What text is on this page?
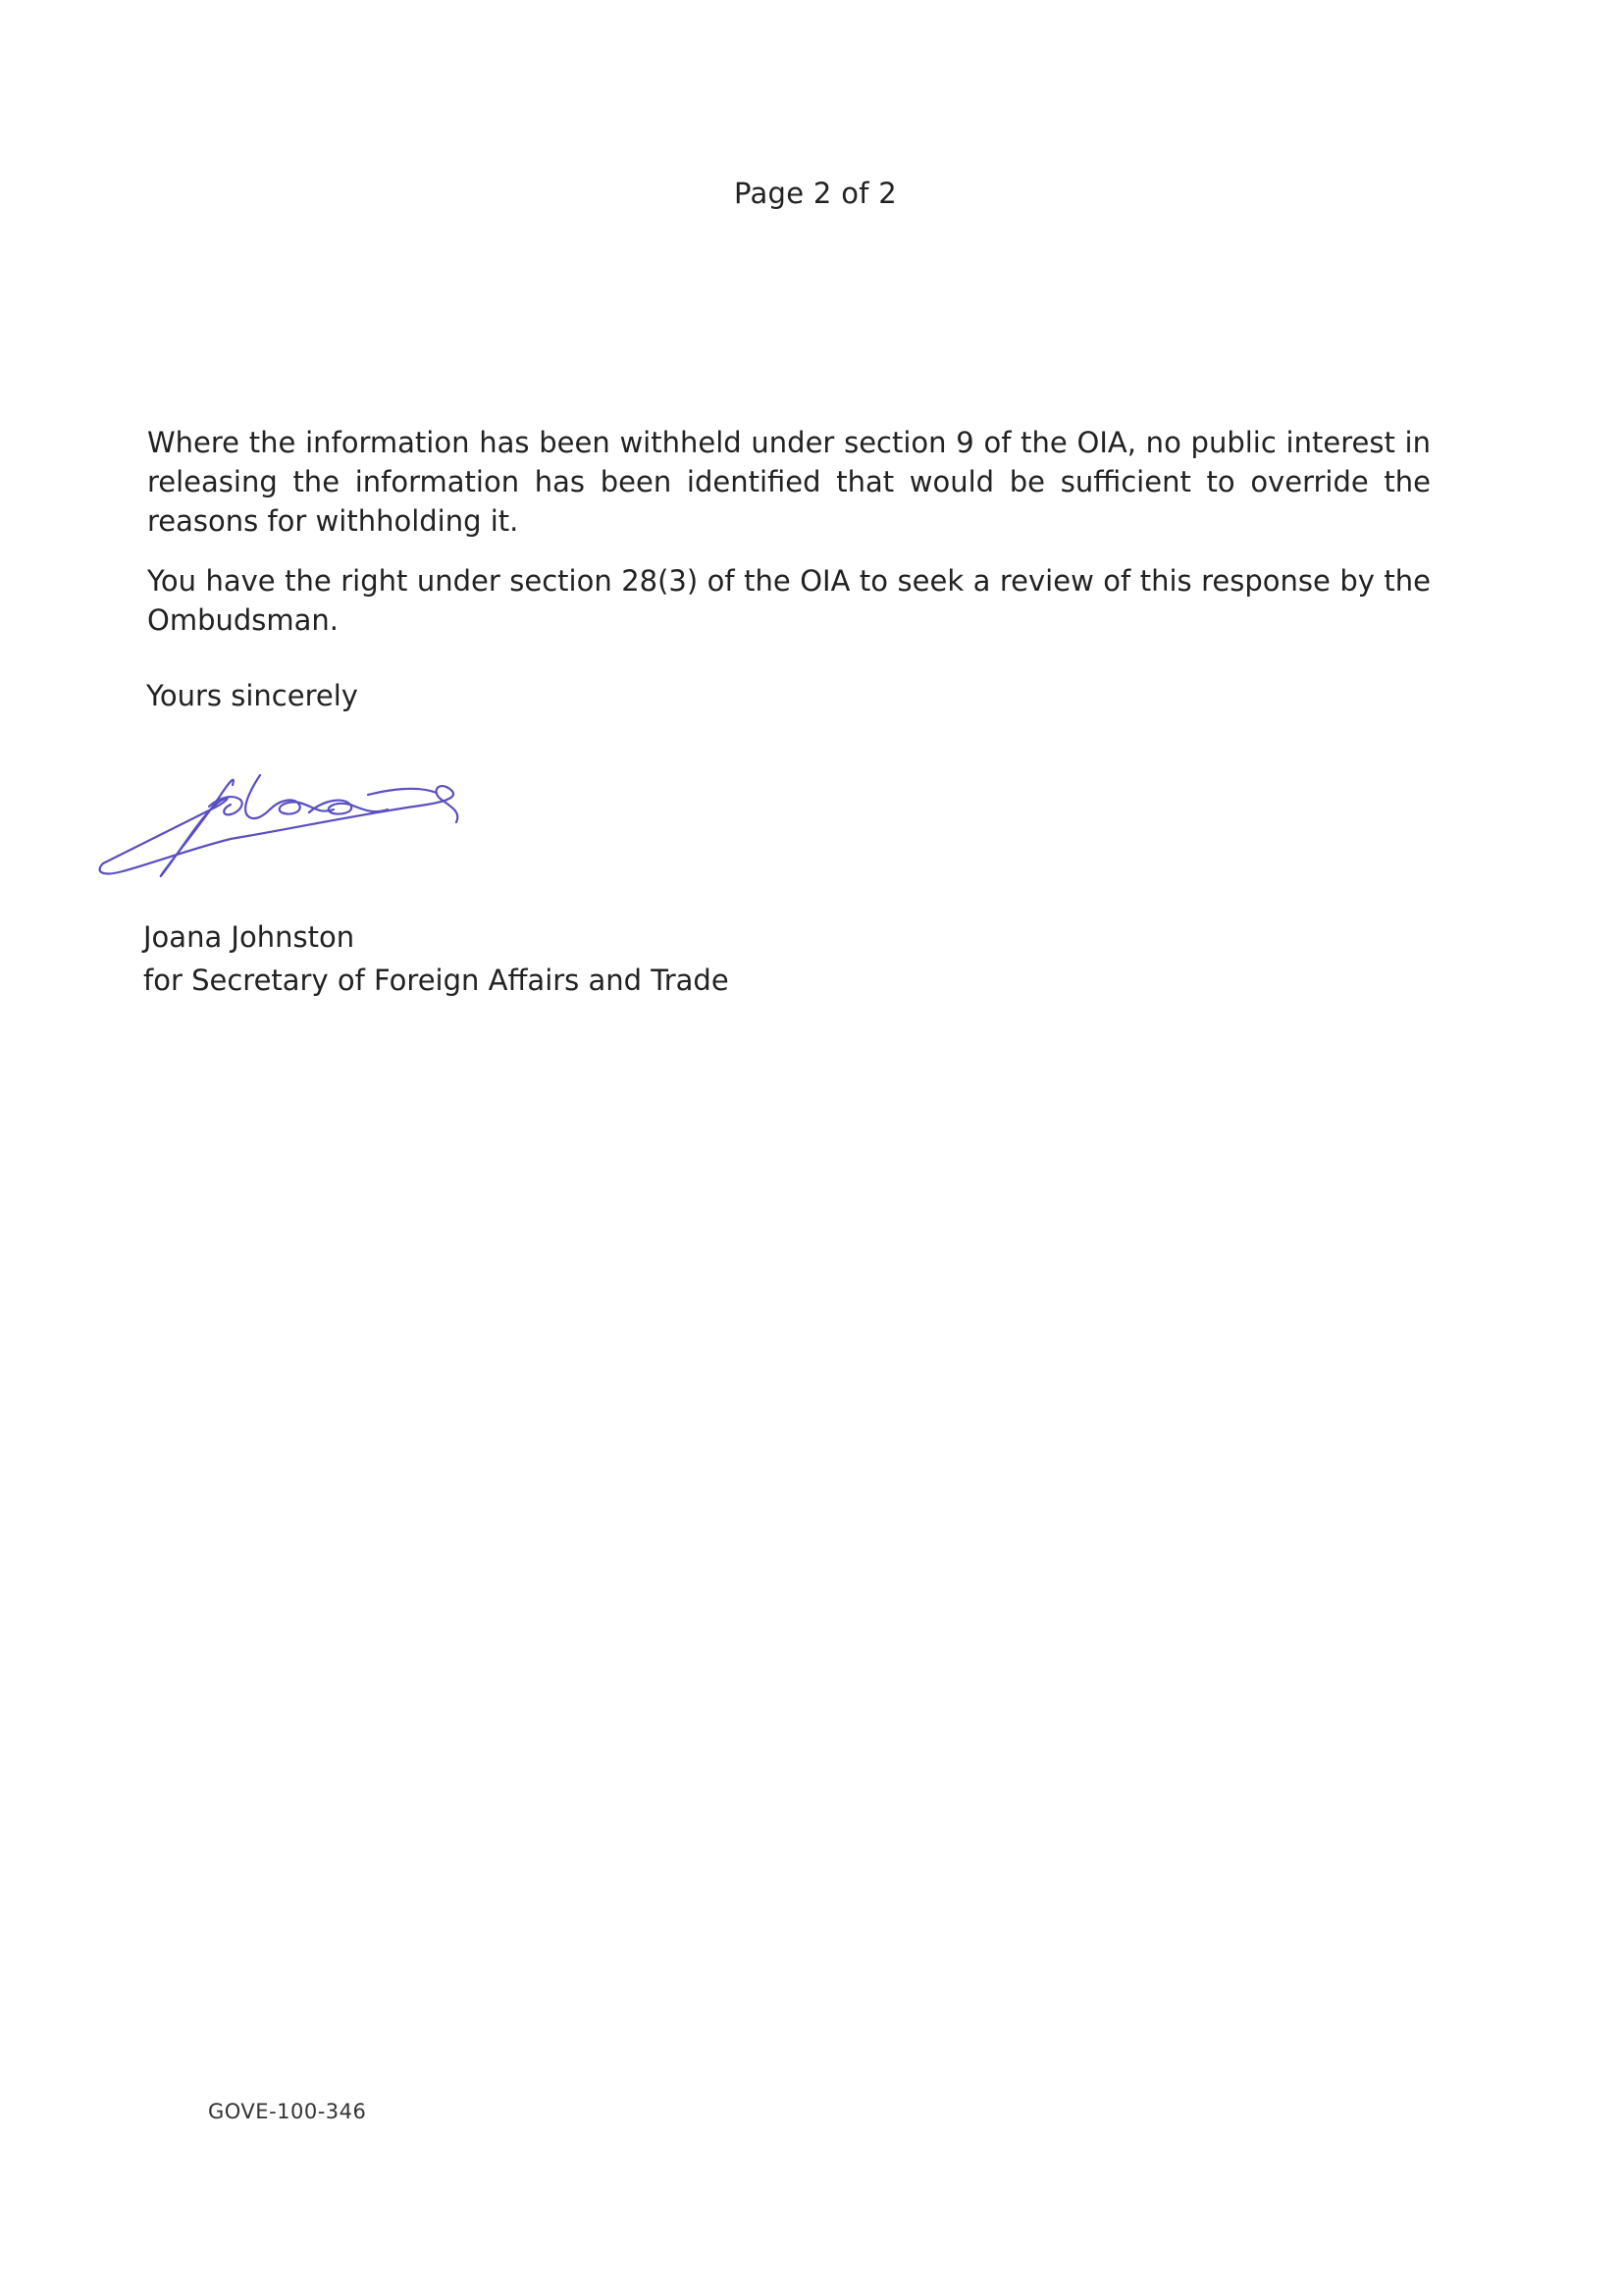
Page 2 of 2

Where the information has been withheld under section 9 of the OIA, no public interest in releasing the information has been identified that would be sufficient to override the reasons for withholding it.

You have the right under section 28(3) of the OIA to seek a review of this response by the Ombudsman.

Yours sincerely

Joana Johnston

for Secretary of Foreign Affairs and Trade

GOVE-100-346
